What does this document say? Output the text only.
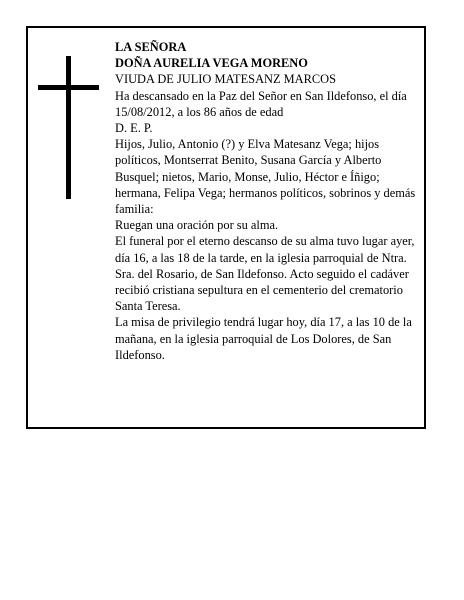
LA SEÑORA

DOÑA AURELIA VEGA MORENO

VIUDA DE JULIO MATESANZ MARCOS

Ha descansado en la Paz del Señor en San Ildefonso, el día 15/08/2012, a los 86 años de edad

D. E. P.

Hijos, Julio, Antonio (?) y Elva Matesanz Vega; hijos políticos, Montserrat Benito, Susana García y Alberto Busquel; nietos, Mario, Monse, Julio, Héctor e Íñigo; hermana, Felipa Vega; hermanos políticos, sobrinos y demás familia:

Ruegan una oración por su alma.

El funeral por el eterno descanso de su alma tuvo lugar ayer, día 16, a las 18 de la tarde, en la iglesia parroquial de Ntra. Sra. del Rosario, de San Ildefonso. Acto seguido el cadáver recibió cristiana sepultura en el cementerio del crematorio Santa Teresa.

La misa de privilegio tendrá lugar hoy, día 17, a las 10 de la mañana, en la iglesia parroquial de Los Dolores, de San Ildefonso.
